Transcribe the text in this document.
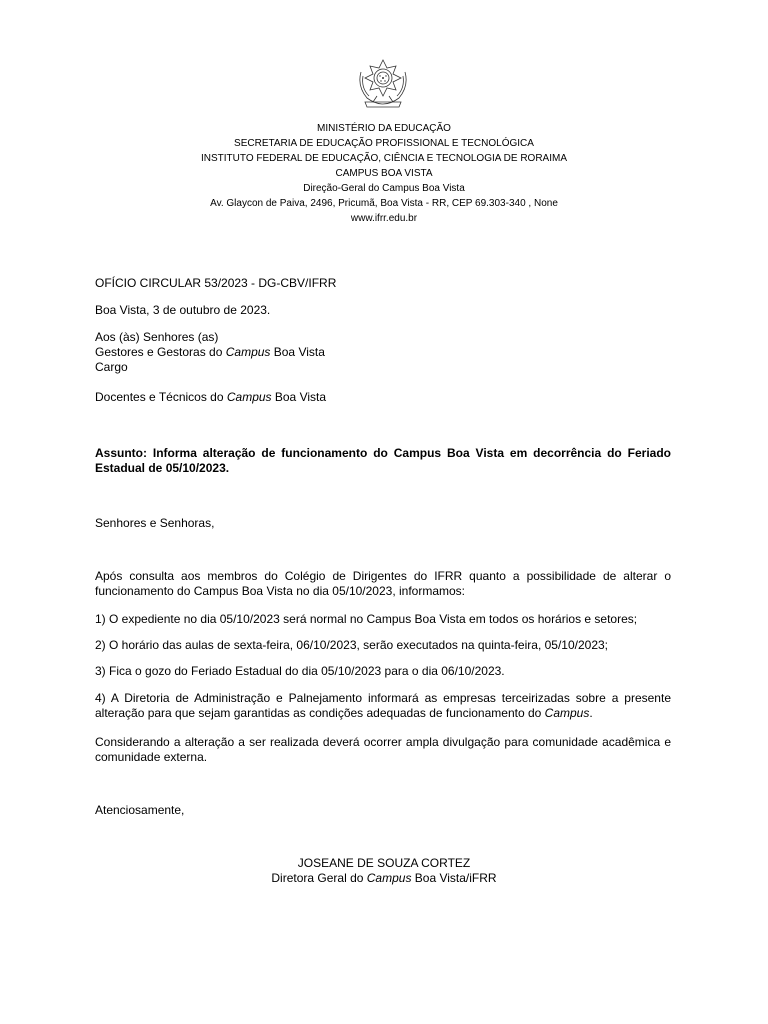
MINISTÉRIO DA EDUCAÇÃO
SECRETARIA DE EDUCAÇÃO PROFISSIONAL E TECNOLÓGICA
INSTITUTO FEDERAL DE EDUCAÇÃO, CIÊNCIA E TECNOLOGIA DE RORAIMA
CAMPUS BOA VISTA
Direção-Geral do Campus Boa Vista
Av. Glaycon de Paiva, 2496, Pricumã, Boa Vista - RR, CEP 69.303-340 , None
www.ifrr.edu.br
OFÍCIO CIRCULAR 53/2023 - DG-CBV/IFRR
Boa Vista, 3 de outubro de 2023.
Aos (às) Senhores (as)
Gestores e Gestoras do Campus Boa Vista
Cargo
Docentes e Técnicos do Campus Boa Vista
Assunto: Informa alteração de funcionamento do Campus Boa Vista em decorrência do Feriado Estadual de 05/10/2023.
Senhores e Senhoras,
Após consulta aos membros do Colégio de Dirigentes do IFRR quanto a possibilidade de alterar o funcionamento do Campus Boa Vista no dia 05/10/2023, informamos:
1) O expediente no dia 05/10/2023 será normal no Campus Boa Vista em todos os horários e setores;
2) O horário das aulas de sexta-feira, 06/10/2023, serão executados na quinta-feira, 05/10/2023;
3) Fica o gozo do Feriado Estadual do dia 05/10/2023 para o dia 06/10/2023.
4) A Diretoria de Administração e Palnejamento informará as empresas terceirizadas sobre a presente alteração para que sejam garantidas as condições adequadas de funcionamento do Campus.
Considerando a alteração a ser realizada deverá ocorrer ampla divulgação para comunidade acadêmica e comunidade externa.
Atenciosamente,
JOSEANE DE SOUZA CORTEZ
Diretora Geral do Campus Boa Vista/iFRR
